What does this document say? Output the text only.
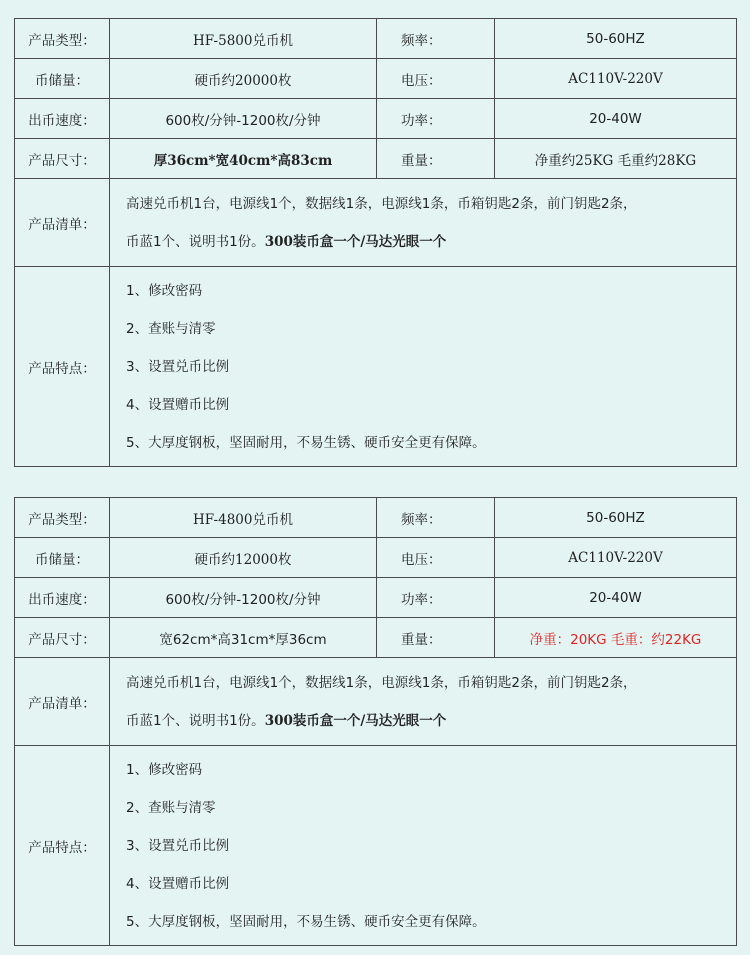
产品类型：	HF-5800兑币机	频率：	50-60HZ
币储量：	硬币约20000枚	电压：	AC110V-220V
出币速度：	600枚/分钟-1200枚/分钟	功率：	20-40W
产品尺寸：	厚36cm*宽40cm*高83cm	重量：	净重约25KG 毛重约28KG
产品清单：	高速兑币机1台，电源线1个，数据线1条，电源线1条，币箱钥匙2条，前门钥匙2条，
币蓝1个、说明书1份。300装币盒一个/马达光眼一个		

产品特点：	1、修改密码
2、查账与清零
3、设置兑币比例
4、设置赠币比例
5、大厚度钢板，坚固耐用，不易生锈、硬币安全更有保障。		
产品类型：	HF-4800兑币机	频率：	50-60HZ
币储量：	硬币约12000枚	电压：	AC110V-220V
出币速度：	600枚/分钟-1200枚/分钟	功率：	20-40W
产品尺寸：	宽62cm*高31cm*厚36cm	重量：	净重：20KG 毛重：约22KG
产品清单：	高速兑币机1台，电源线1个，数据线1条，电源线1条，币箱钥匙2条，前门钥匙2条，
币蓝1个、说明书1份。300装币盒一个/马达光眼一个		

产品特点：	1、修改密码
2、查账与清零
3、设置兑币比例
4、设置赠币比例
5、大厚度钢板，坚固耐用，不易生锈、硬币安全更有保障。		
